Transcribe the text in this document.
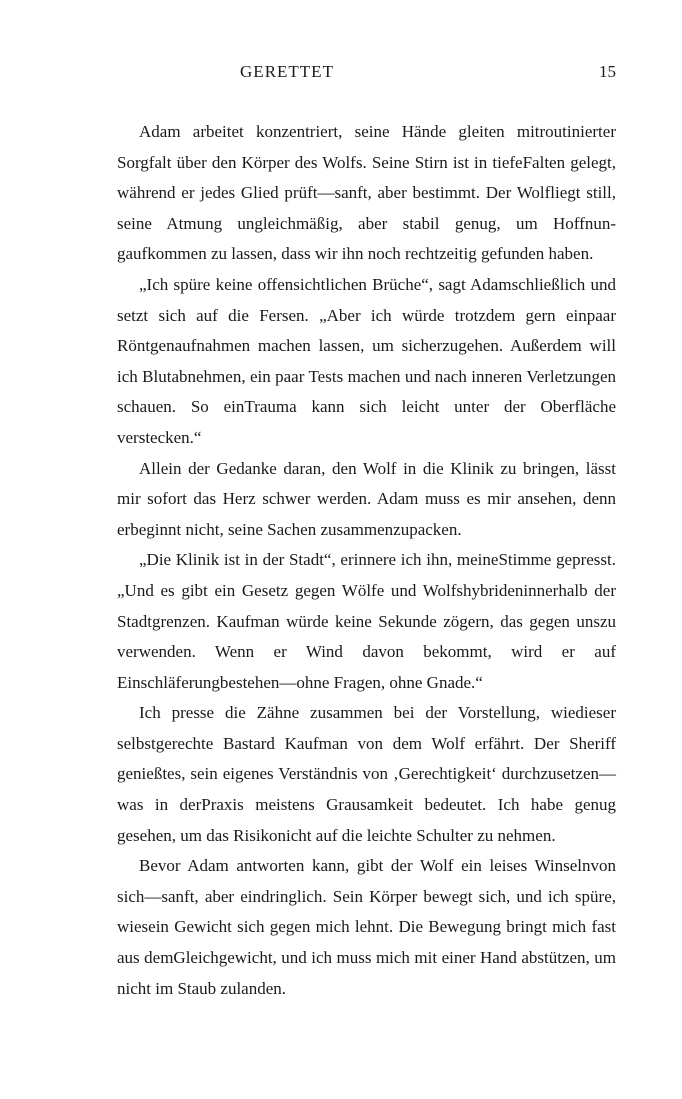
GERETTET	15

Adam arbeitet konzentriert, seine Hände gleiten mitroutinierter Sorgfalt über den Körper des Wolfs. Seine Stirn ist in tiefeFalten gelegt, während er jedes Glied prüft—sanft, aber bestimmt. Der Wolfliegt still, seine Atmung ungleichmäßig, aber stabil genug, um Hoffnungaufkommen zu lassen, dass wir ihn noch rechtzeitig gefunden haben.

„Ich spüre keine offensichtlichen Brüche“, sagt Adamschließlich und setzt sich auf die Fersen. „Aber ich würde trotzdem gern einpaar Röntgenaufnahmen machen lassen, um sicherzugehen. Außerdem will ich Blutabnehmen, ein paar Tests machen und nach inneren Verletzungen schauen. So einTrauma kann sich leicht unter der Oberfläche verstecken.“

Allein der Gedanke daran, den Wolf in die Klinik zu bringen, lässt mir sofort das Herz schwer werden. Adam muss es mir ansehen, denn erbeginnt nicht, seine Sachen zusammenzupacken.

„Die Klinik ist in der Stadt“, erinnere ich ihn, meineStimme gepresst. „Und es gibt ein Gesetz gegen Wölfe und Wolfshybrideninnerhalb der Stadtgrenzen. Kaufman würde keine Sekunde zögern, das gegen unszu verwenden. Wenn er Wind davon bekommt, wird er auf Einschläferungbestehen—ohne Fragen, ohne Gnade.“

Ich presse die Zähne zusammen bei der Vorstellung, wiedieser selbstgerechte Bastard Kaufman von dem Wolf erfährt. Der Sheriff genießtes, sein eigenes Verständnis von ‚Gerechtigkeit‘ durchzusetzen—was in derPraxis meistens Grausamkeit bedeutet. Ich habe genug gesehen, um das Risikonicht auf die leichte Schulter zu nehmen.

Bevor Adam antworten kann, gibt der Wolf ein leises Winselnvon sich—sanft, aber eindringlich. Sein Körper bewegt sich, und ich spüre, wiesein Gewicht sich gegen mich lehnt. Die Bewegung bringt mich fast aus demGleichgewicht, und ich muss mich mit einer Hand abstützen, um nicht im Staub zulanden.
